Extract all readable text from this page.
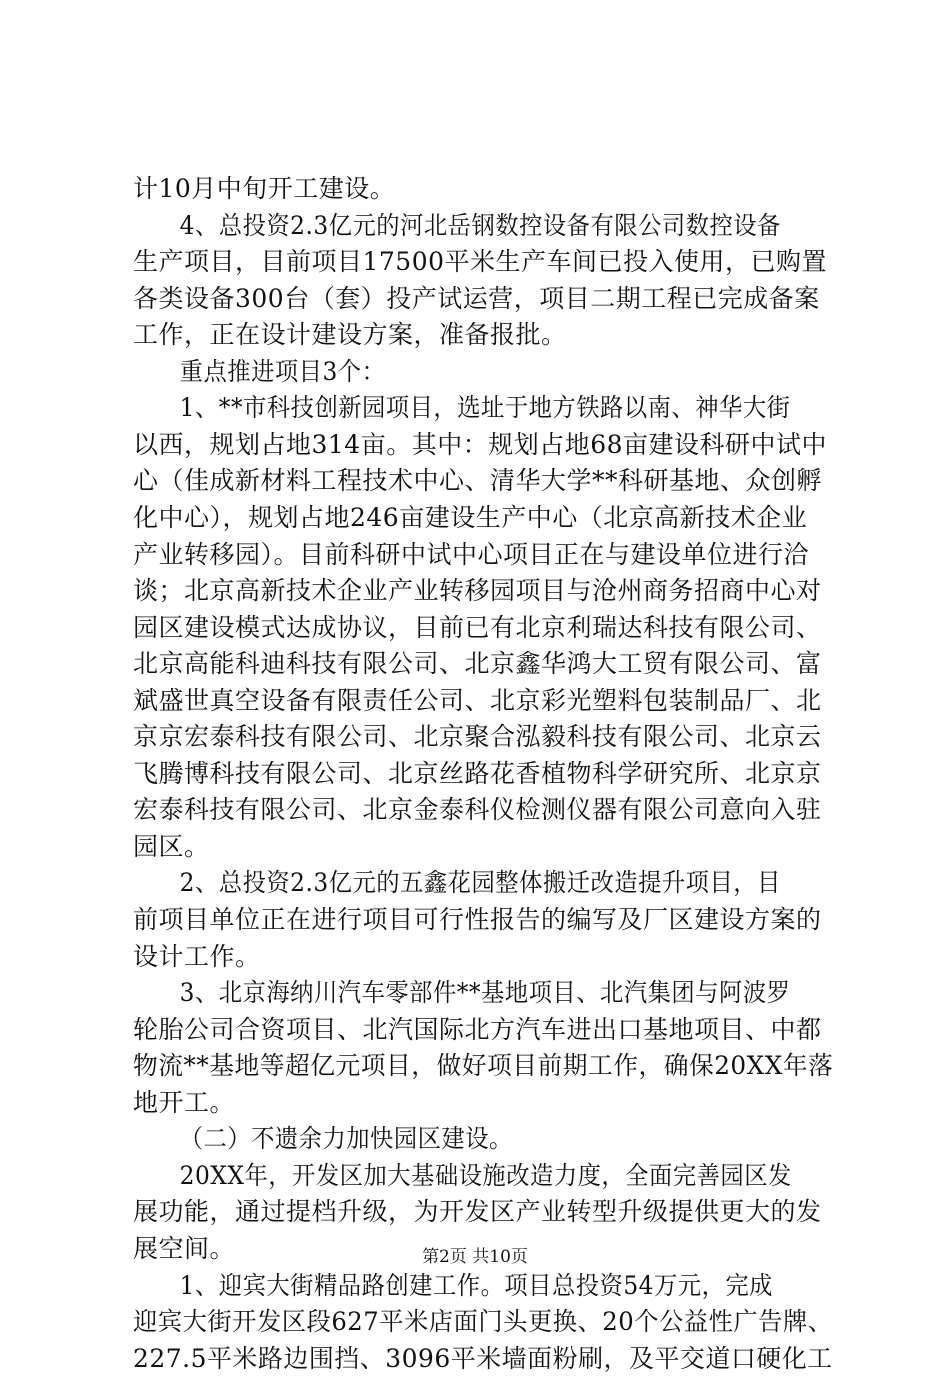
计10月中旬开工建设。
4、总投资2.3亿元的河北岳钢数控设备有限公司数控设备
生产项目，目前项目17500平米生产车间已投入使用，已购置
各类设备300台（套）投产试运营，项目二期工程已完成备案
工作，正在设计建设方案，准备报批。
重点推进项目3个：
1、**市科技创新园项目，选址于地方铁路以南、神华大街
以西，规划占地314亩。其中：规划占地68亩建设科研中试中
心（佳成新材料工程技术中心、清华大学**科研基地、众创孵
化中心），规划占地246亩建设生产中心（北京高新技术企业
产业转移园）。目前科研中试中心项目正在与建设单位进行洽
谈；北京高新技术企业产业转移园项目与沧州商务招商中心对
园区建设模式达成协议，目前已有北京利瑞达科技有限公司、
北京高能科迪科技有限公司、北京鑫华鸿大工贸有限公司、富
斌盛世真空设备有限责任公司、北京彩光塑料包装制品厂、北
京京宏泰科技有限公司、北京聚合泓毅科技有限公司、北京云
飞腾博科技有限公司、北京丝路花香植物科学研究所、北京京
宏泰科技有限公司、北京金泰科仪检测仪器有限公司意向入驻
园区。
2、总投资2.3亿元的五鑫花园整体搬迁改造提升项目，目
前项目单位正在进行项目可行性报告的编写及厂区建设方案的
设计工作。
3、北京海纳川汽车零部件**基地项目、北汽集团与阿波罗
轮胎公司合资项目、北汽国际北方汽车进出口基地项目、中都
物流**基地等超亿元项目，做好项目前期工作，确保20XX年落
地开工。
（二）不遗余力加快园区建设。
20XX年，开发区加大基础设施改造力度，全面完善园区发
展功能，通过提档升级，为开发区产业转型升级提供更大的发
展空间。
1、迎宾大街精品路创建工作。项目总投资54万元，完成
迎宾大街开发区段627平米店面门头更换、20个公益性广告牌、
227.5平米路边围挡、3096平米墙面粉刷，及平交道口硬化工
第2页 共10页
